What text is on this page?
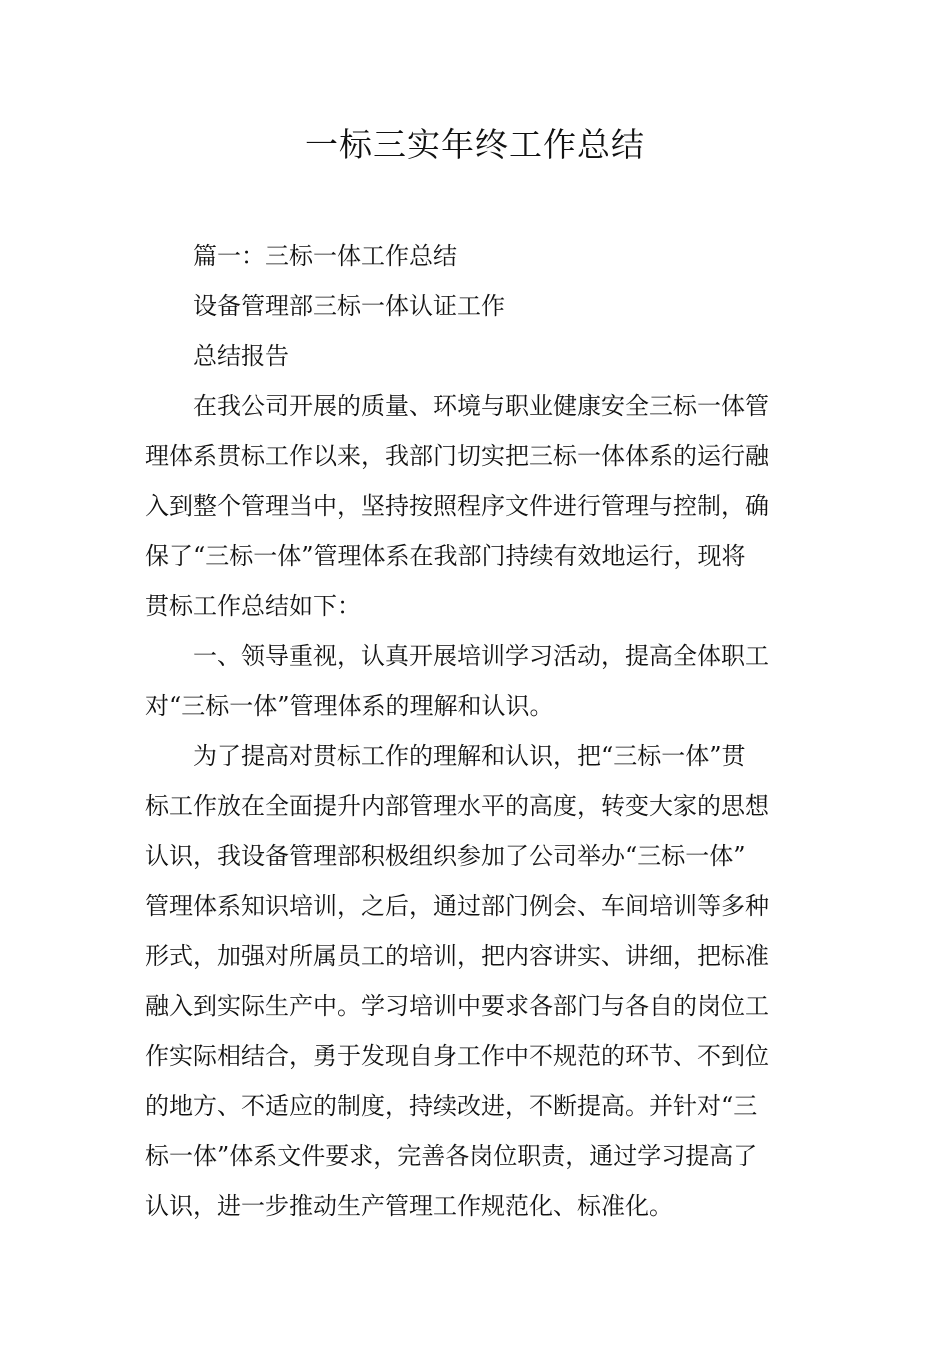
一标三实年终工作总结
篇一：三标一体工作总结
设备管理部三标一体认证工作
总结报告
在我公司开展的质量、环境与职业健康安全三标一体管
理体系贯标工作以来，我部门切实把三标一体体系的运行融
入到整个管理当中，坚持按照程序文件进行管理与控制，确
保了“三标一体”管理体系在我部门持续有效地运行，现将
贯标工作总结如下：
一、领导重视，认真开展培训学习活动，提高全体职工
对“三标一体”管理体系的理解和认识。
为了提高对贯标工作的理解和认识，把“三标一体”贯
标工作放在全面提升内部管理水平的高度，转变大家的思想
认识，我设备管理部积极组织参加了公司举办“三标一体”
管理体系知识培训，之后，通过部门例会、车间培训等多种
形式，加强对所属员工的培训，把内容讲实、讲细，把标准
融入到实际生产中。学习培训中要求各部门与各自的岗位工
作实际相结合，勇于发现自身工作中不规范的环节、不到位
的地方、不适应的制度，持续改进，不断提高。并针对“三
标一体”体系文件要求，完善各岗位职责，通过学习提高了
认识，进一步推动生产管理工作规范化、标准化。
